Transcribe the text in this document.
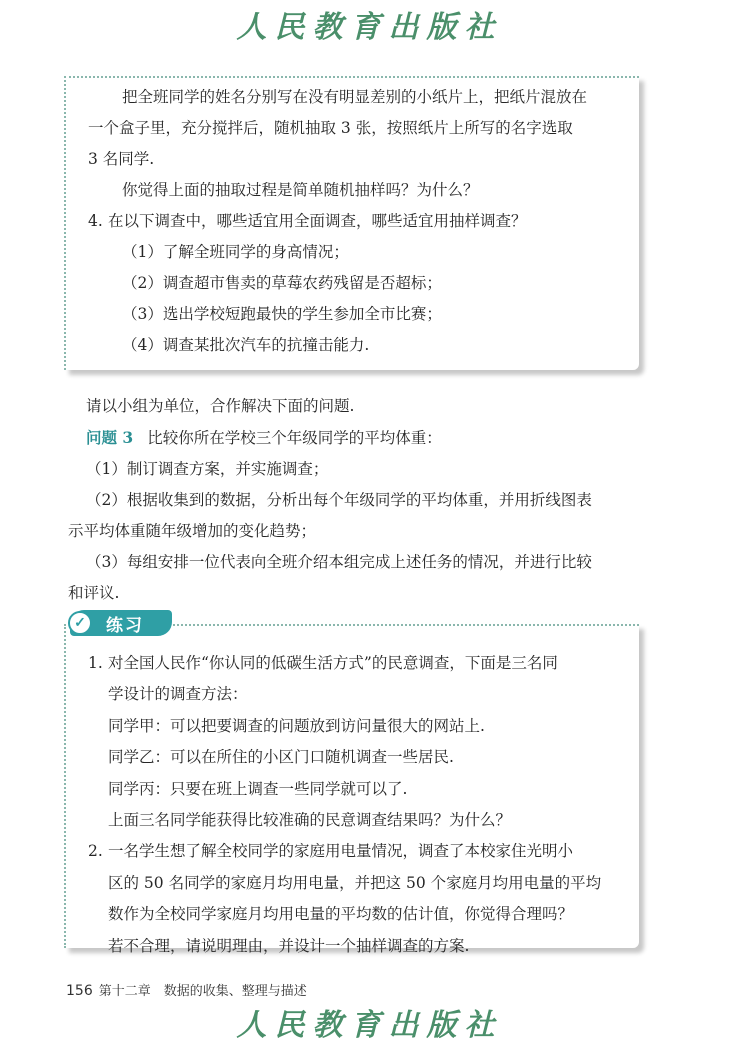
人民教育出版社
把全班同学的姓名分别写在没有明显差别的小纸片上，把纸片混放在
一个盒子里，充分搅拌后，随机抽取 3 张，按照纸片上所写的名字选取
3 名同学.
你觉得上面的抽取过程是简单随机抽样吗？为什么？
4. 在以下调查中，哪些适宜用全面调查，哪些适宜用抽样调查？
（1）了解全班同学的身高情况；
（2）调查超市售卖的草莓农药残留是否超标；
（3）选出学校短跑最快的学生参加全市比赛；
（4）调查某批次汽车的抗撞击能力.
请以小组为单位，合作解决下面的问题.
问题 3 比较你所在学校三个年级同学的平均体重：
（1）制订调查方案，并实施调查；
（2）根据收集到的数据，分析出每个年级同学的平均体重，并用折线图表
示平均体重随年级增加的变化趋势；
（3）每组安排一位代表向全班介绍本组完成上述任务的情况，并进行比较
和评议.
1. 对全国人民作“你认同的低碳生活方式”的民意调查，下面是三名同
学设计的调查方法：
同学甲：可以把要调查的问题放到访问量很大的网站上.
同学乙：可以在所住的小区门口随机调查一些居民.
同学丙：只要在班上调查一些同学就可以了.
上面三名同学能获得比较准确的民意调查结果吗？为什么？
2. 一名学生想了解全校同学的家庭用电量情况，调查了本校家住光明小
区的 50 名同学的家庭月均用电量，并把这 50 个家庭月均用电量的平均
数作为全校同学家庭月均用电量的平均数的估计值，你觉得合理吗？
若不合理，请说明理由，并设计一个抽样调查的方案.
✓	练习
156 第十二章　数据的收集、整理与描述
人民教育出版社
